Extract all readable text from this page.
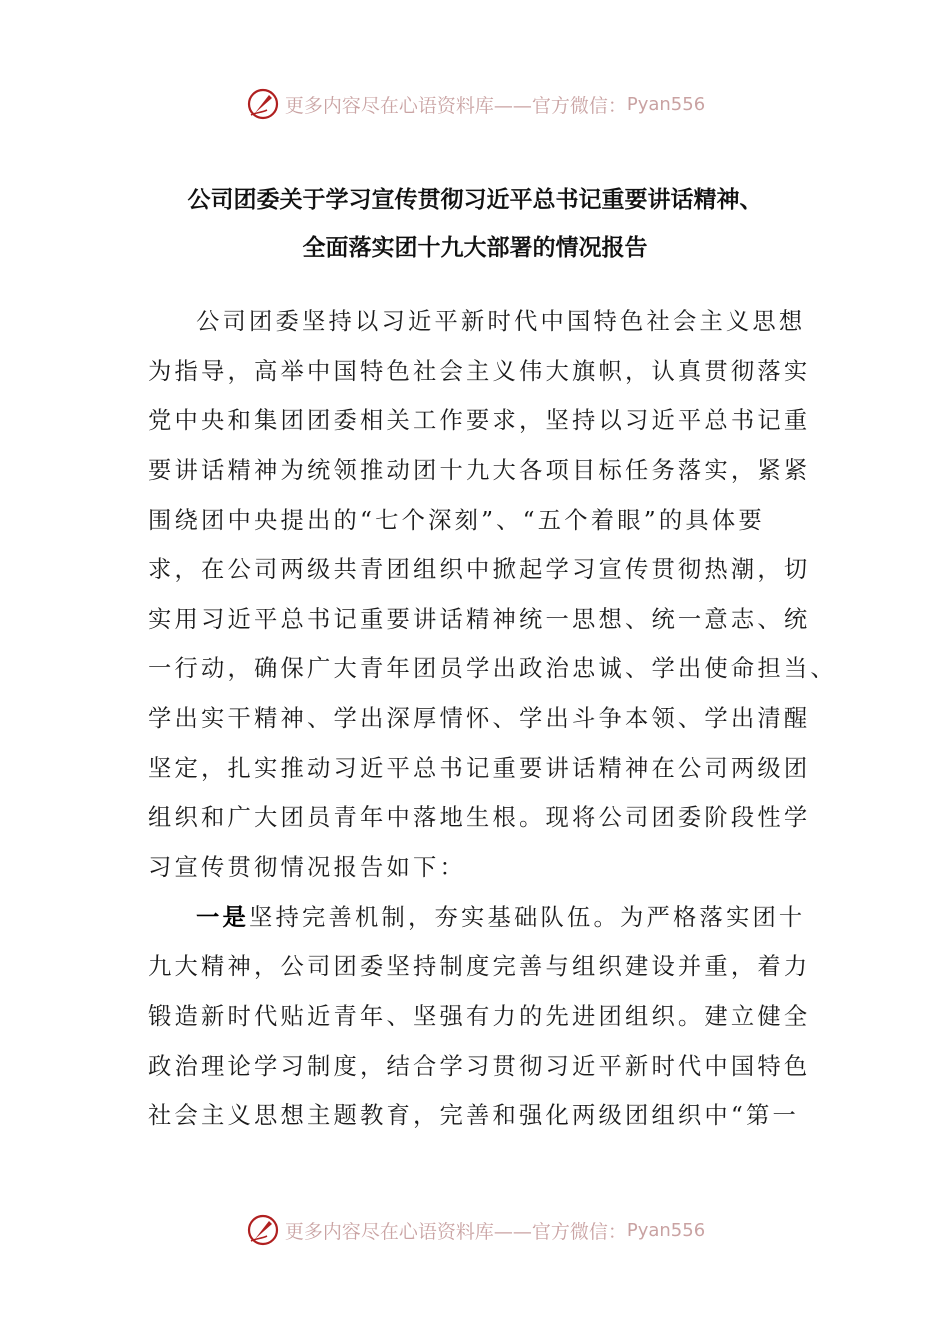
更多内容尽在心语资料库——官方微信： Pyan556
公司团委关于学习宣传贯彻习近平总书记重要讲话精神、
全面落实团十九大部署的情况报告
公司团委坚持以习近平新时代中国特色社会主义思想
为指导，高举中国特色社会主义伟大旗帜，认真贯彻落实
党中央和集团团委相关工作要求，坚持以习近平总书记重
要讲话精神为统领推动团十九大各项目标任务落实，紧紧
围绕团中央提出的“七个深刻”、“五个着眼”的具体要
求，在公司两级共青团组织中掀起学习宣传贯彻热潮，切
实用习近平总书记重要讲话精神统一思想、统一意志、统
一行动，确保广大青年团员学出政治忠诚、学出使命担当、
学出实干精神、学出深厚情怀、学出斗争本领、学出清醒
坚定，扎实推动习近平总书记重要讲话精神在公司两级团
组织和广大团员青年中落地生根。现将公司团委阶段性学
习宣传贯彻情况报告如下：
一是坚持完善机制，夯实基础队伍。为严格落实团十
九大精神，公司团委坚持制度完善与组织建设并重，着力
锻造新时代贴近青年、坚强有力的先进团组织。建立健全
政治理论学习制度，结合学习贯彻习近平新时代中国特色
社会主义思想主题教育，完善和强化两级团组织中“第一
更多内容尽在心语资料库——官方微信： Pyan556
